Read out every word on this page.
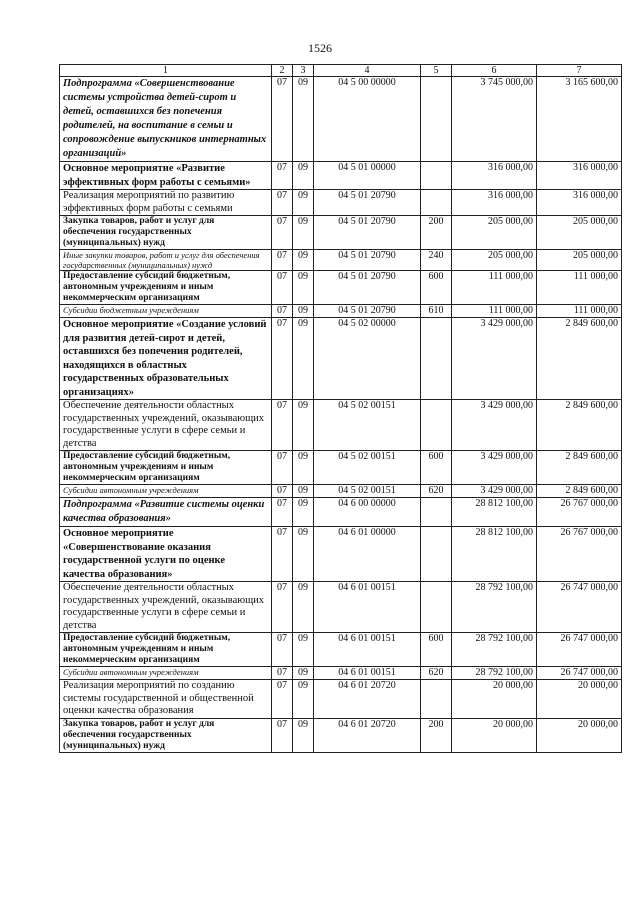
1526
1	2	3	4	5	6	7
Подпрограмма «Совершенствование системы устройства детей-сирот и детей, оставшихся без попечения родителей, на воспитание в семьи и сопровождение выпускников интернатных организаций»	07	09	04 5 00 00000		3 745 000,00	3 165 600,00
Основное мероприятие «Развитие эффективных форм работы с семьями»	07	09	04 5 01 00000		316 000,00	316 000,00
Реализация мероприятий по развитию эффективных форм работы с семьями	07	09	04 5 01 20790		316 000,00	316 000,00
Закупка товаров, работ и услуг для обеспечения государственных (муниципальных) нужд	07	09	04 5 01 20790	200	205 000,00	205 000,00
Иные закупки товаров, работ и услуг для обеспечения государственных (муниципальных) нужд	07	09	04 5 01 20790	240	205 000,00	205 000,00
Предоставление субсидий бюджетным, автономным учреждениям и иным некоммерческим организациям	07	09	04 5 01 20790	600	111 000,00	111 000,00
Субсидии бюджетным учреждениям	07	09	04 5 01 20790	610	111 000,00	111 000,00
Основное мероприятие «Создание условий для развития детей-сирот и детей, оставшихся без попечения родителей, находящихся в областных государственных образовательных организациях»	07	09	04 5 02 00000		3 429 000,00	2 849 600,00
Обеспечение деятельности областных государственных учреждений, оказывающих государственные услуги в сфере семьи и детства	07	09	04 5 02 00151		3 429 000,00	2 849 600,00
Предоставление субсидий бюджетным, автономным учреждениям и иным некоммерческим организациям	07	09	04 5 02 00151	600	3 429 000,00	2 849 600,00
Субсидии автономным учреждениям	07	09	04 5 02 00151	620	3 429 000,00	2 849 600,00
Подпрограмма «Развитие системы оценки качества образования»	07	09	04 6 00 00000		28 812 100,00	26 767 000,00
Основное мероприятие «Совершенствование оказания государственной услуги по оценке качества образования»	07	09	04 6 01 00000		28 812 100,00	26 767 000,00
Обеспечение деятельности областных государственных учреждений, оказывающих государственные услуги в сфере семьи и детства	07	09	04 6 01 00151		28 792 100,00	26 747 000,00
Предоставление субсидий бюджетным, автономным учреждениям и иным некоммерческим организациям	07	09	04 6 01 00151	600	28 792 100,00	26 747 000,00
Субсидии автономным учреждениям	07	09	04 6 01 00151	620	28 792 100,00	26 747 000,00
Реализация мероприятий по созданию системы государственной и общественной оценки качества образования	07	09	04 6 01 20720		20 000,00	20 000,00
Закупка товаров, работ и услуг для обеспечения государственных (муниципальных) нужд	07	09	04 6 01 20720	200	20 000,00	20 000,00
